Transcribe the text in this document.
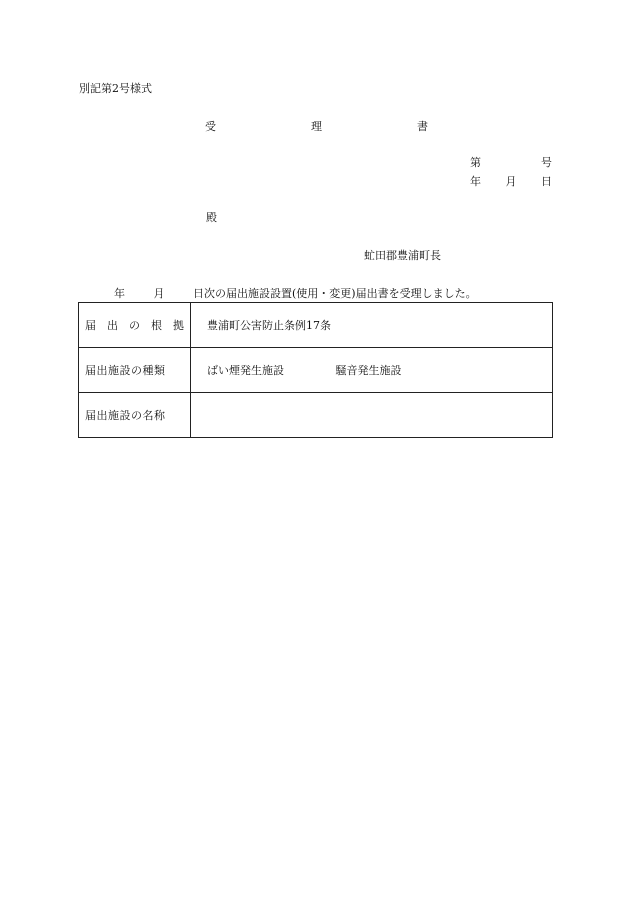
別記第2号様式
受	理	書
第	号
年 月 日
殿
虻田郡豊浦町長
年	月	日次の届出施設設置(使用・変更)届出書を受理しました。
届 出 の 根 拠	豊浦町公害防止条例17条
届出施設の種類	ばい煙発生施設 騒音発生施設
届出施設の名称	
